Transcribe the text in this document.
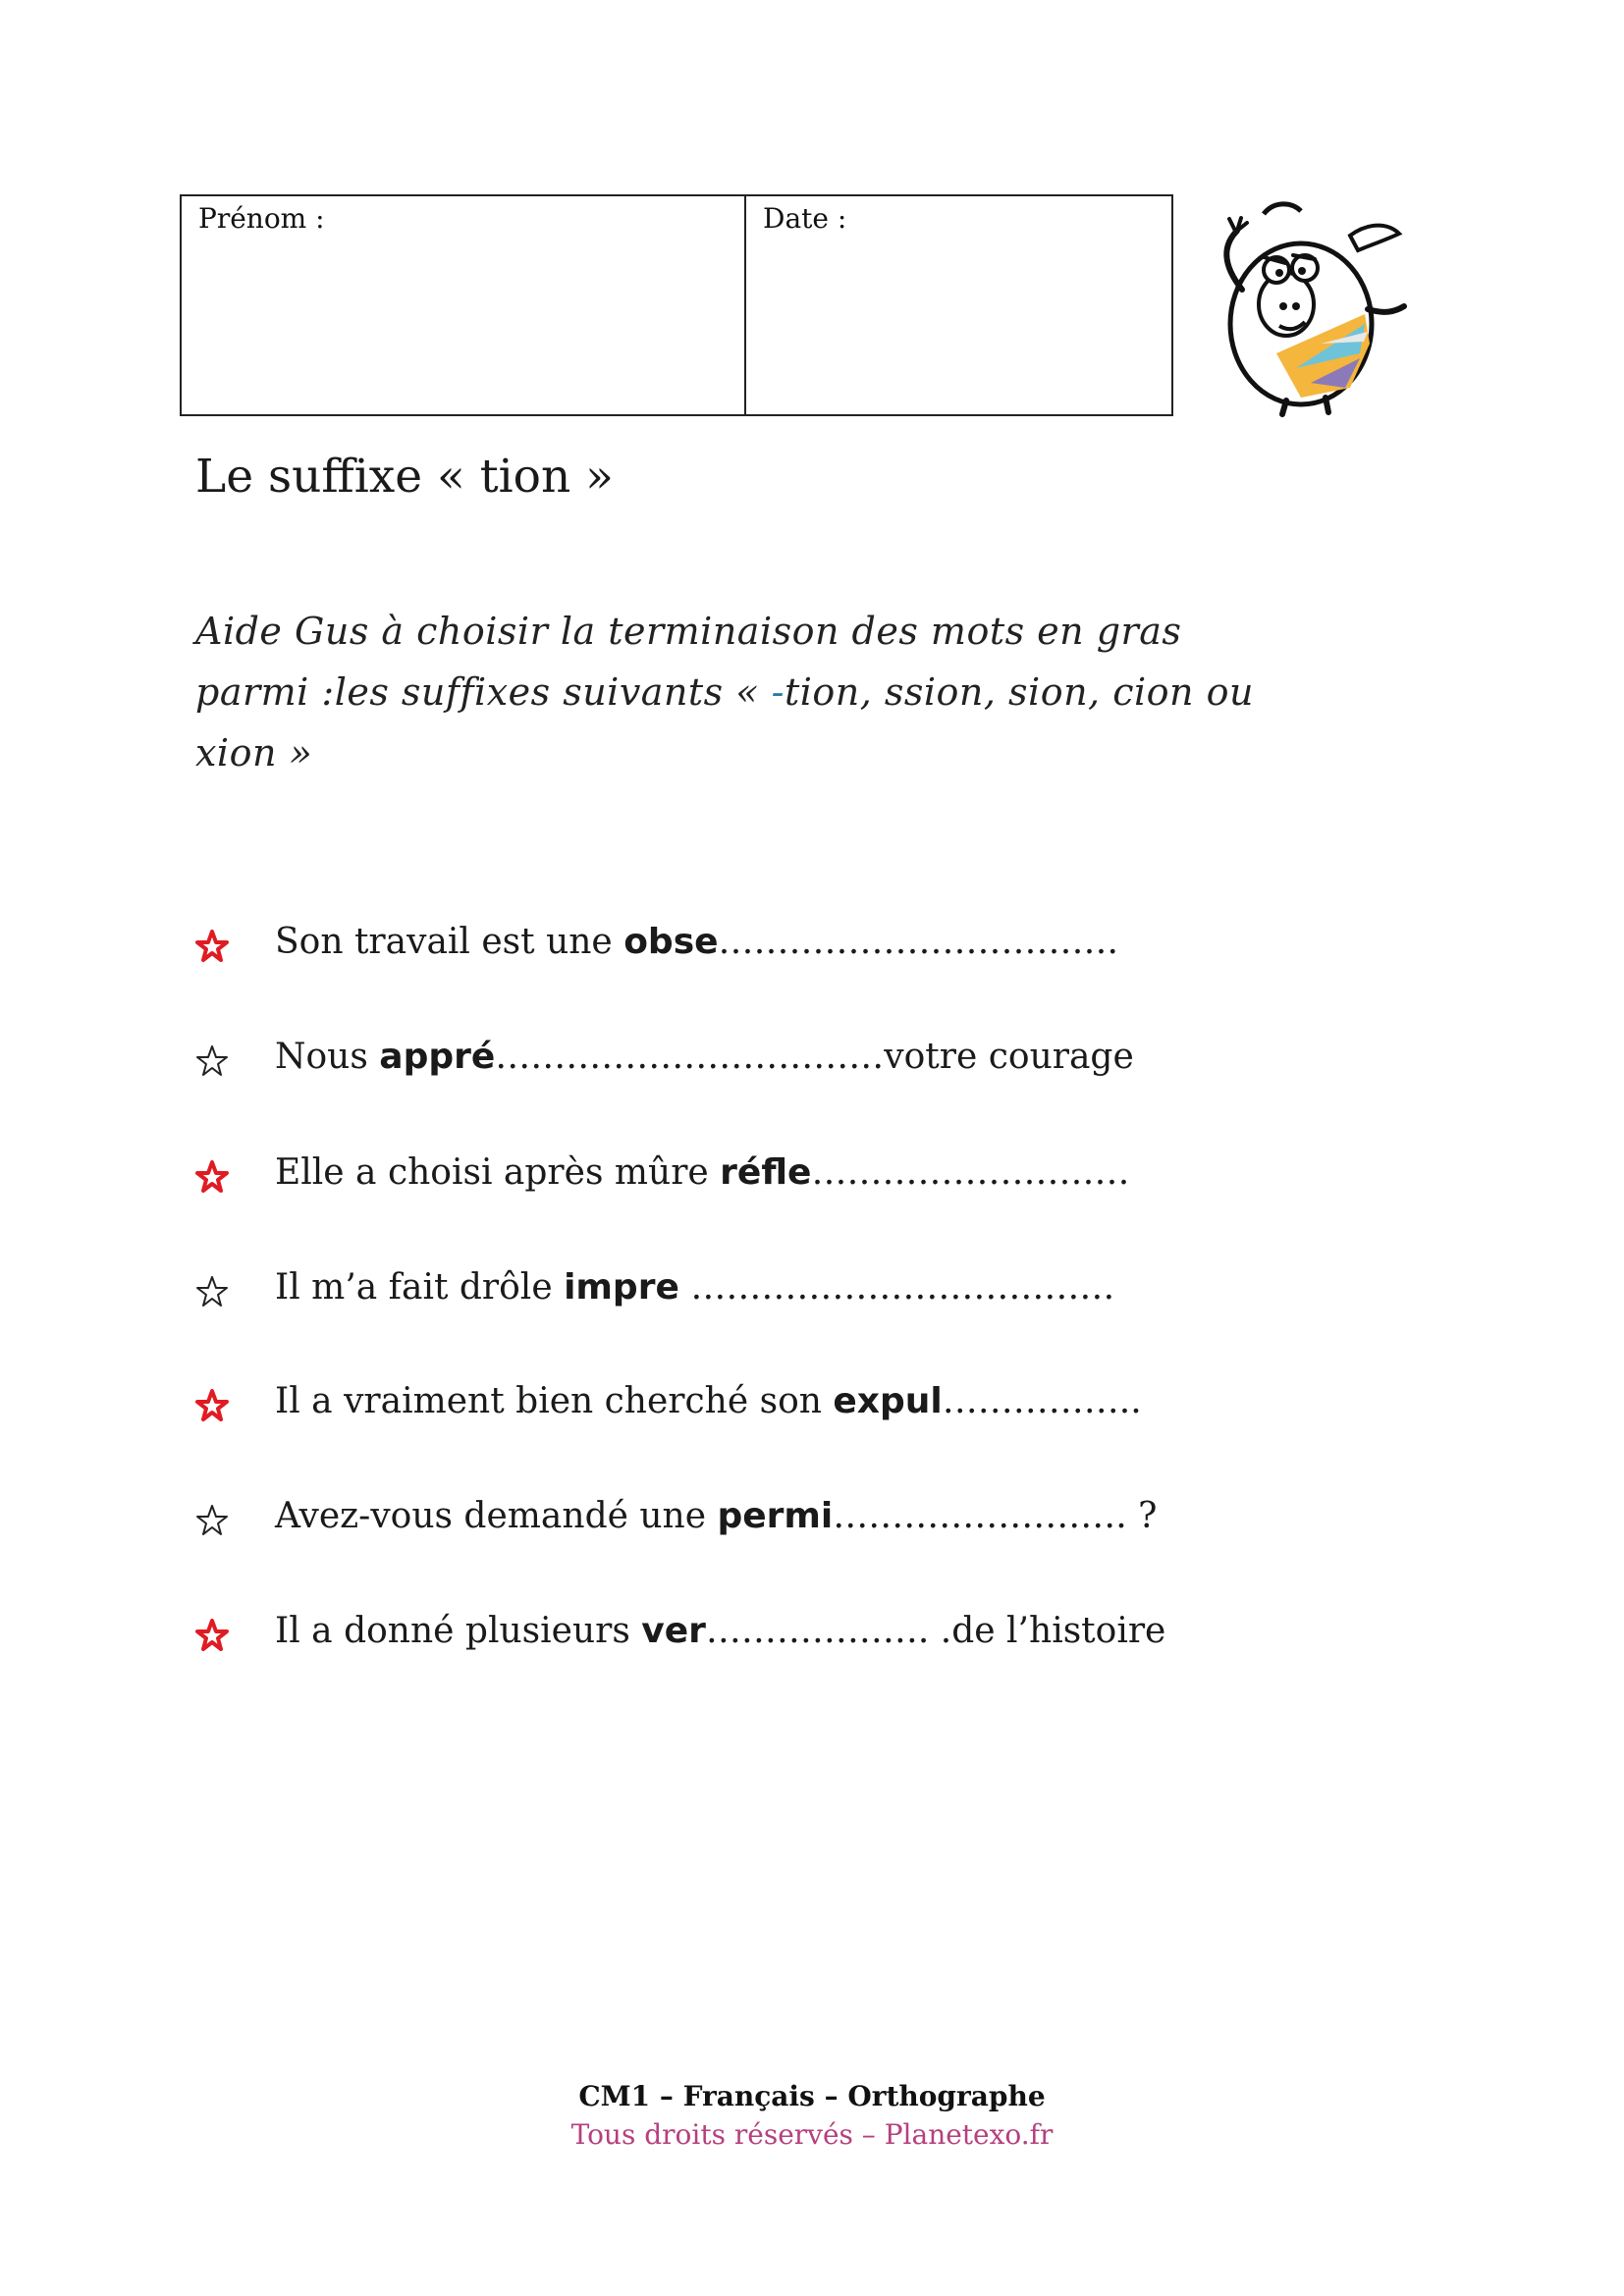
Prénom :	Date :
Le suffixe « tion »
Aide Gus à choisir la terminaison des mots en gras
parmi :les suffixes suivants « -tion, ssion, sion, cion ou
xion »
Son travail est une obse…………………………….
Nous appré……………………………votre courage
Elle a choisi après mûre réfle………………………
Il m’a fait drôle impre ………………………………
Il a vraiment bien cherché son expul……………..
Avez-vous demandé une permi……………………. ?
Il a donné plusieurs ver………………. .de l’histoire
CM1 – Français – Orthographe
Tous droits réservés – Planetexo.fr
